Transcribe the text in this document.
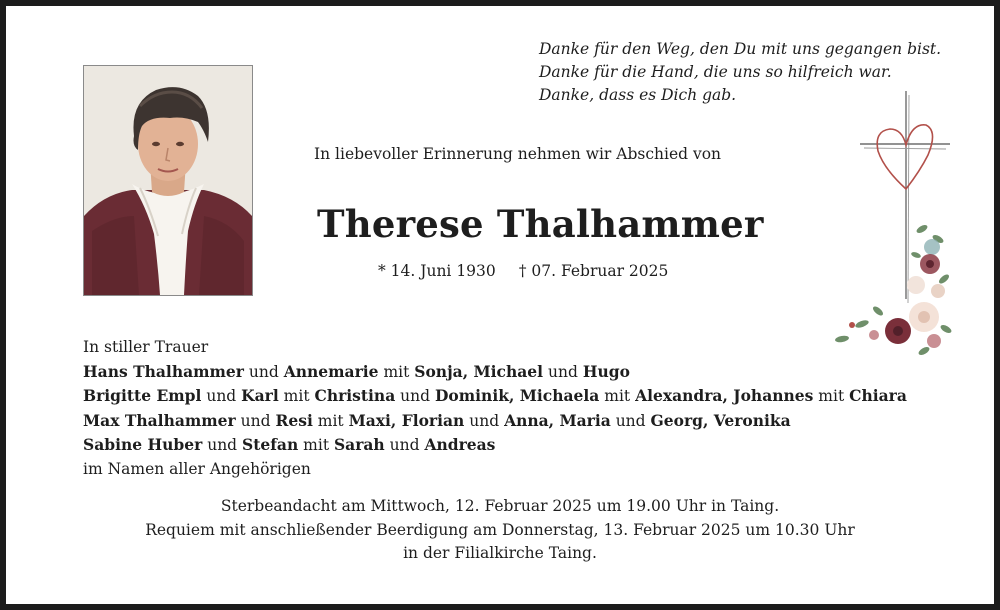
Danke für den Weg, den Du mit uns gegangen bist.
Danke für die Hand, die uns so hilfreich war.
Danke, dass es Dich gab.
In liebevoller Erinnerung nehmen wir Abschied von
Therese Thalhammer
* 14. Juni 1930 † 07. Februar 2025
In stiller Trauer
Hans Thalhammer und Annemarie mit Sonja, Michael und Hugo
Brigitte Empl und Karl mit Christina und Dominik, Michaela mit Alexandra, Johannes mit Chiara
Max Thalhammer und Resi mit Maxi, Florian und Anna, Maria und Georg, Veronika
Sabine Huber und Stefan mit Sarah und Andreas
im Namen aller Angehörigen
Sterbeandacht am Mittwoch, 12. Februar 2025 um 19.00 Uhr in Taing.
Requiem mit anschließender Beerdigung am Donnerstag, 13. Februar 2025 um 10.30 Uhr
in der Filialkirche Taing.
